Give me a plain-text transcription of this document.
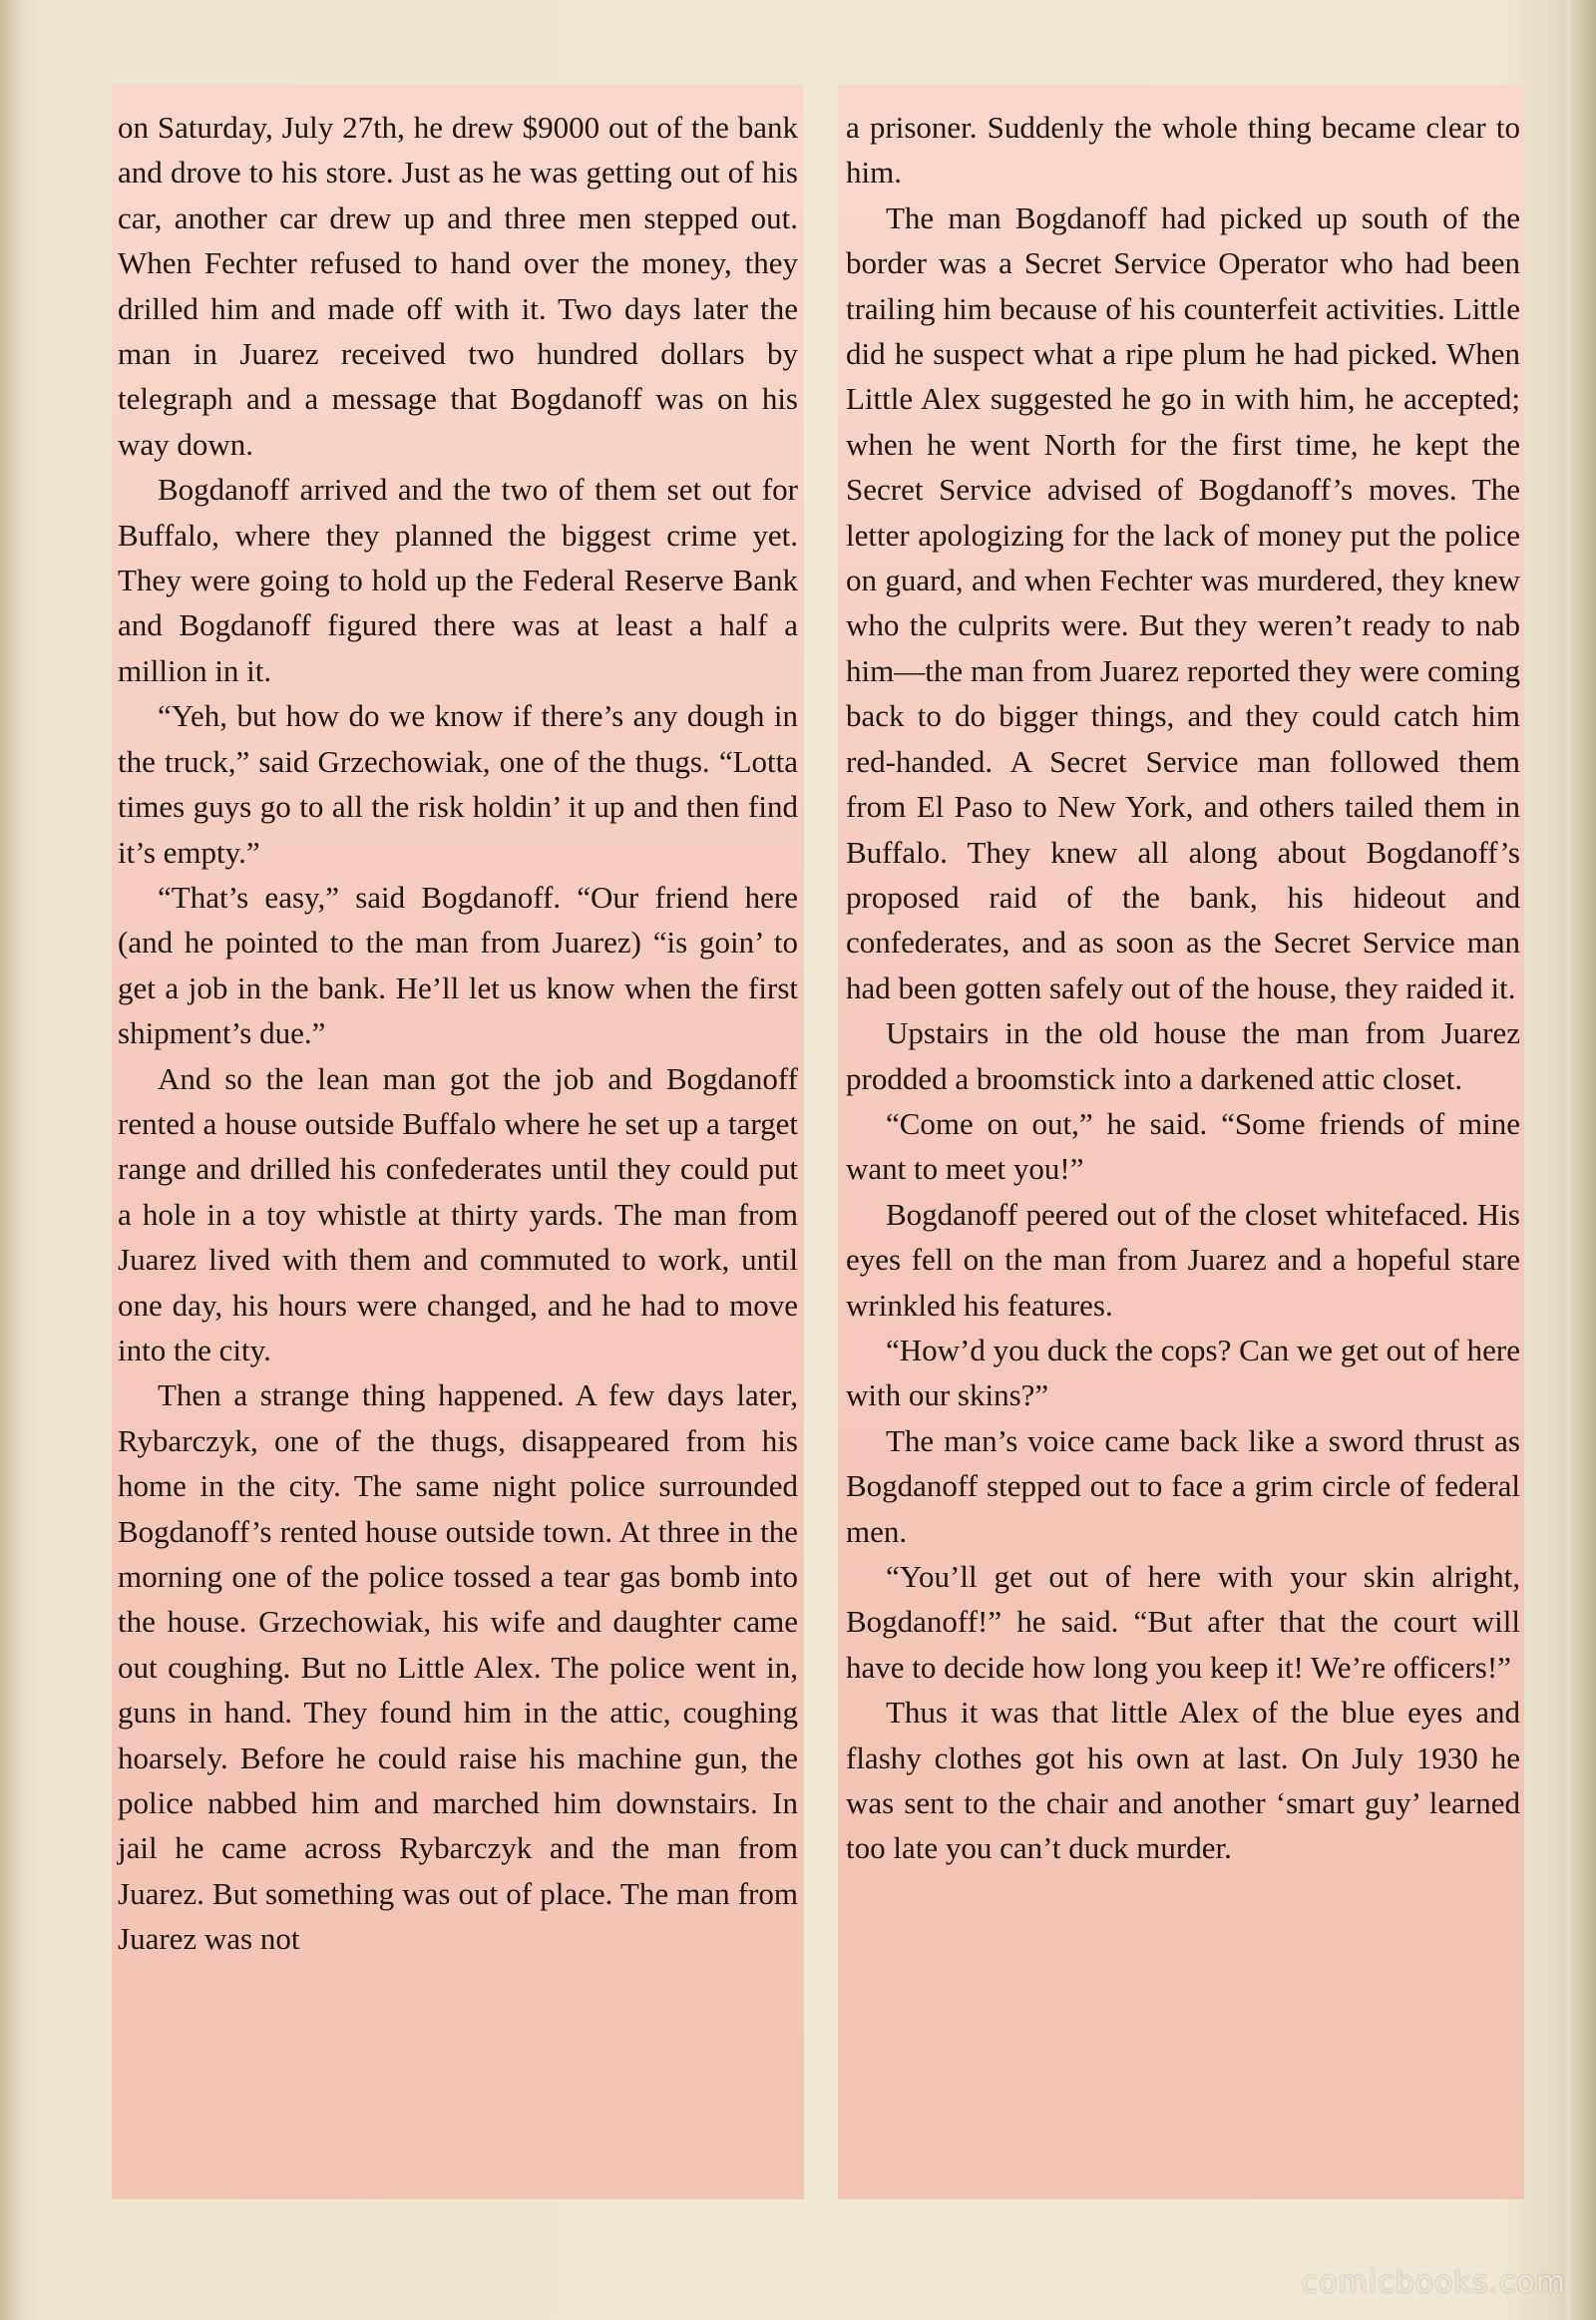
on Saturday, July 27th, he drew $9000 out of the bank and drove to his store. Just as he was getting out of his car, another car drew up and three men stepped out. When Fechter refused to hand over the money, they drilled him and made off with it. Two days later the man in Juarez received two hundred dollars by telegraph and a message that Bogdanoff was on his way down.

Bogdanoff arrived and the two of them set out for Buffalo, where they planned the biggest crime yet. They were going to hold up the Federal Reserve Bank and Bogdanoff figured there was at least a half a million in it.

“Yeh, but how do we know if there’s any dough in the truck,” said Grzechowiak, one of the thugs. “Lotta times guys go to all the risk holdin’ it up and then find it’s empty.”

“That’s easy,” said Bogdanoff. “Our friend here (and he pointed to the man from Juarez) “is goin’ to get a job in the bank. He’ll let us know when the first shipment’s due.”

And so the lean man got the job and Bogdanoff rented a house outside Buffalo where he set up a target range and drilled his confederates until they could put a hole in a toy whistle at thirty yards. The man from Juarez lived with them and commuted to work, until one day, his hours were changed, and he had to move into the city.

Then a strange thing happened. A few days later, Rybarczyk, one of the thugs, disappeared from his home in the city. The same night police surrounded Bogdanoff’s rented house outside town. At three in the morning one of the police tossed a tear gas bomb into the house. Grzechowiak, his wife and daughter came out coughing. But no Little Alex. The police went in, guns in hand. They found him in the attic, coughing hoarsely. Before he could raise his machine gun, the police nabbed him and marched him downstairs. In jail he came across Rybarczyk and the man from Juarez. But something was out of place. The man from Juarez was not

a prisoner. Suddenly the whole thing became clear to him.

The man Bogdanoff had picked up south of the border was a Secret Service Operator who had been trailing him because of his counterfeit activities. Little did he suspect what a ripe plum he had picked. When Little Alex suggested he go in with him, he accepted; when he went North for the first time, he kept the Secret Service advised of Bogdanoff’s moves. The letter apologizing for the lack of money put the police on guard, and when Fechter was murdered, they knew who the culprits were. But they weren’t ready to nab him—the man from Juarez reported they were coming back to do bigger things, and they could catch him red-handed. A Secret Service man followed them from El Paso to New York, and others tailed them in Buffalo. They knew all along about Bogdanoff’s proposed raid of the bank, his hideout and confederates, and as soon as the Secret Service man had been gotten safely out of the house, they raided it.

Upstairs in the old house the man from Juarez prodded a broomstick into a darkened attic closet.

“Come on out,” he said. “Some friends of mine want to meet you!”

Bogdanoff peered out of the closet whitefaced. His eyes fell on the man from Juarez and a hopeful stare wrinkled his features.

“How’d you duck the cops? Can we get out of here with our skins?”

The man’s voice came back like a sword thrust as Bogdanoff stepped out to face a grim circle of federal men.

“You’ll get out of here with your skin alright, Bogdanoff!” he said. “But after that the court will have to decide how long you keep it! We’re officers!”

Thus it was that little Alex of the blue eyes and flashy clothes got his own at last. On July 1930 he was sent to the chair and another ‘smart guy’ learned too late you can’t duck murder.

comicbooks.com
